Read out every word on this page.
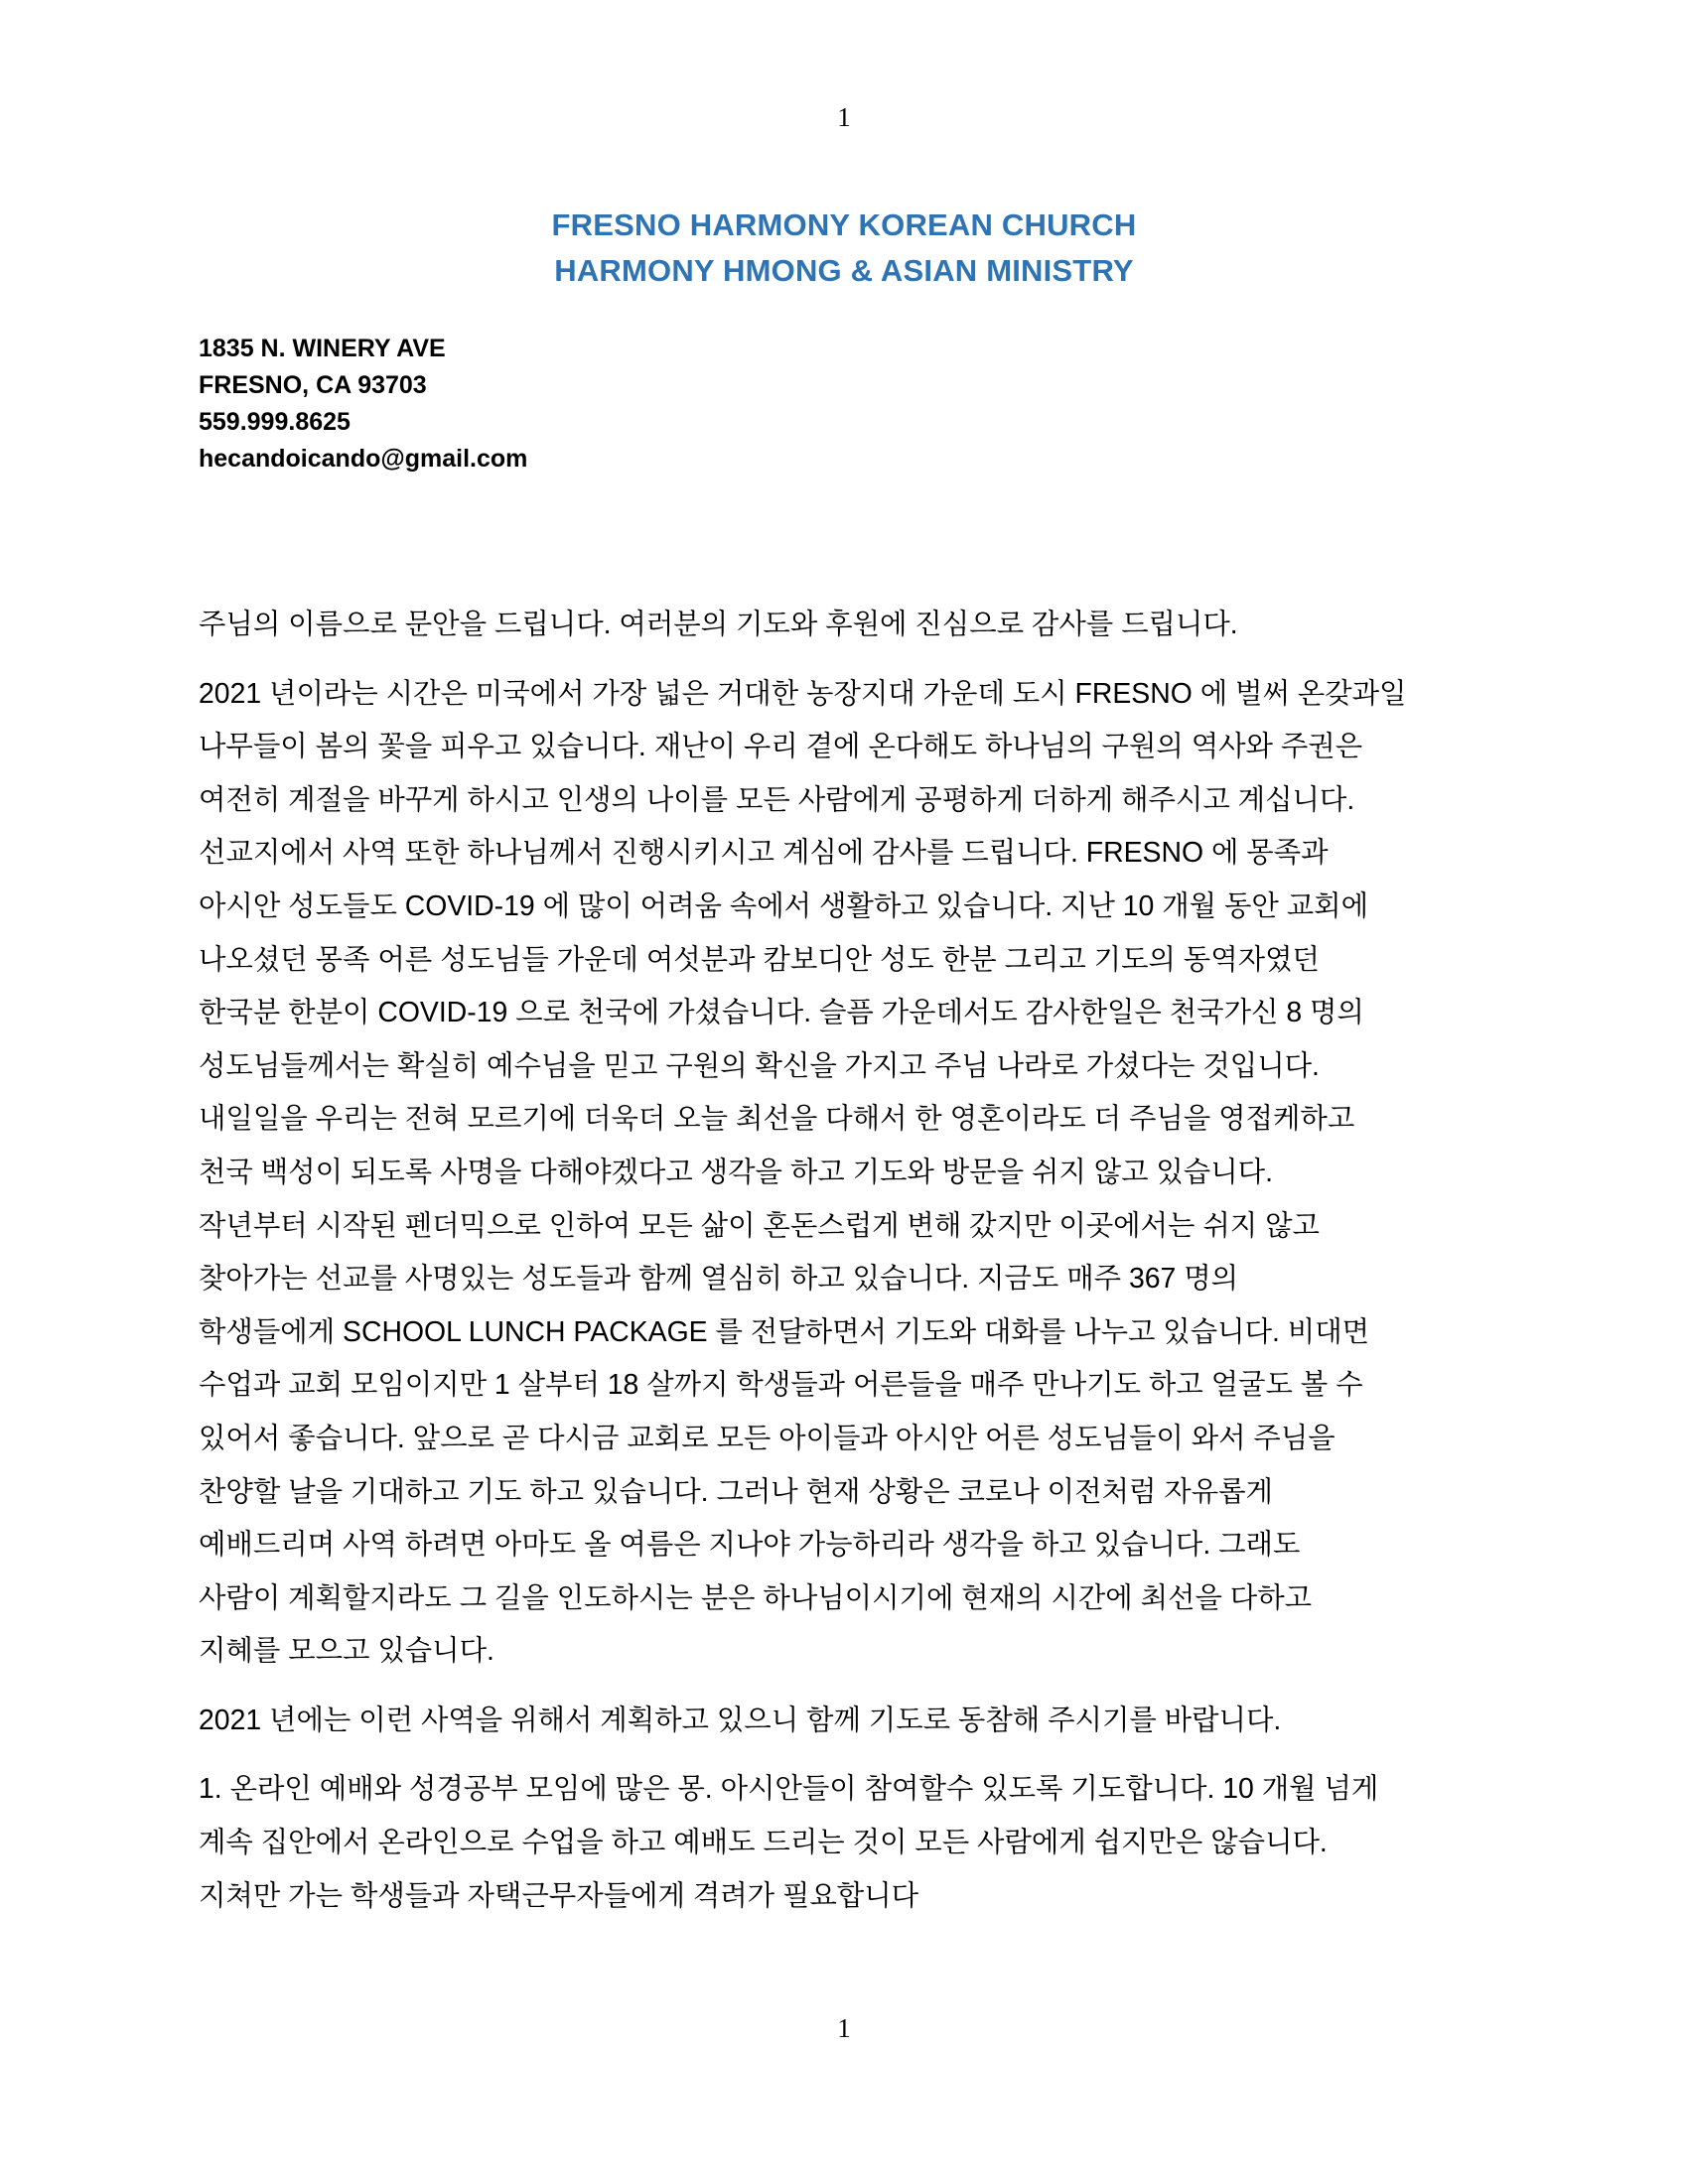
1
FRESNO HARMONY KOREAN CHURCH
HARMONY HMONG & ASIAN MINISTRY
1835 N. WINERY AVE
FRESNO, CA 93703
559.999.8625
hecandoicando@gmail.com

주님의 이름으로 문안을 드립니다. 여러분의 기도와 후원에 진심으로 감사를 드립니다.

2021 년이라는 시간은 미국에서 가장 넓은 거대한 농장지대 가운데 도시 FRESNO 에 벌써 온갖과일
나무들이 봄의 꽃을 피우고 있습니다. 재난이 우리 곁에 온다해도 하나님의 구원의 역사와 주권은
여전히 계절을 바꾸게 하시고 인생의 나이를 모든 사람에게 공평하게 더하게 해주시고 계십니다.
선교지에서 사역 또한 하나님께서 진행시키시고 계심에 감사를 드립니다. FRESNO 에 몽족과
아시안 성도들도 COVID-19 에 많이 어려움 속에서 생활하고 있습니다. 지난 10 개월 동안 교회에
나오셨던 몽족 어른 성도님들 가운데 여섯분과 캄보디안 성도 한분 그리고 기도의 동역자였던
한국분 한분이 COVID-19 으로 천국에 가셨습니다. 슬픔 가운데서도 감사한일은 천국가신 8 명의
성도님들께서는 확실히 예수님을 믿고 구원의 확신을 가지고 주님 나라로 가셨다는 것입니다.
내일일을 우리는 전혀 모르기에 더욱더 오늘 최선을 다해서 한 영혼이라도 더 주님을 영접케하고
천국 백성이 되도록 사명을 다해야겠다고 생각을 하고 기도와 방문을 쉬지 않고 있습니다.
작년부터 시작된 펜더믹으로 인하여 모든 삶이 혼돈스럽게 변해 갔지만 이곳에서는 쉬지 않고
찾아가는 선교를 사명있는 성도들과 함께 열심히 하고 있습니다. 지금도 매주 367 명의
학생들에게 SCHOOL LUNCH PACKAGE 를 전달하면서 기도와 대화를 나누고 있습니다. 비대면
수업과 교회 모임이지만 1 살부터 18 살까지 학생들과 어른들을 매주 만나기도 하고 얼굴도 볼 수
있어서 좋습니다. 앞으로 곧 다시금 교회로 모든 아이들과 아시안 어른 성도님들이 와서 주님을
찬양할 날을 기대하고 기도 하고 있습니다. 그러나 현재 상황은 코로나 이전처럼 자유롭게
예배드리며 사역 하려면 아마도 올 여름은 지나야 가능하리라 생각을 하고 있습니다. 그래도
사람이 계획할지라도 그 길을 인도하시는 분은 하나님이시기에 현재의 시간에 최선을 다하고
지혜를 모으고 있습니다.

2021 년에는 이런 사역을 위해서 계획하고 있으니 함께 기도로 동참해 주시기를 바랍니다.

1. 온라인 예배와 성경공부 모임에 많은 몽. 아시안들이 참여할수 있도록 기도합니다. 10 개월 넘게
계속 집안에서 온라인으로 수업을 하고 예배도 드리는 것이 모든 사람에게 쉽지만은 않습니다.
지쳐만 가는 학생들과 자택근무자들에게 격려가 필요합니다

1
